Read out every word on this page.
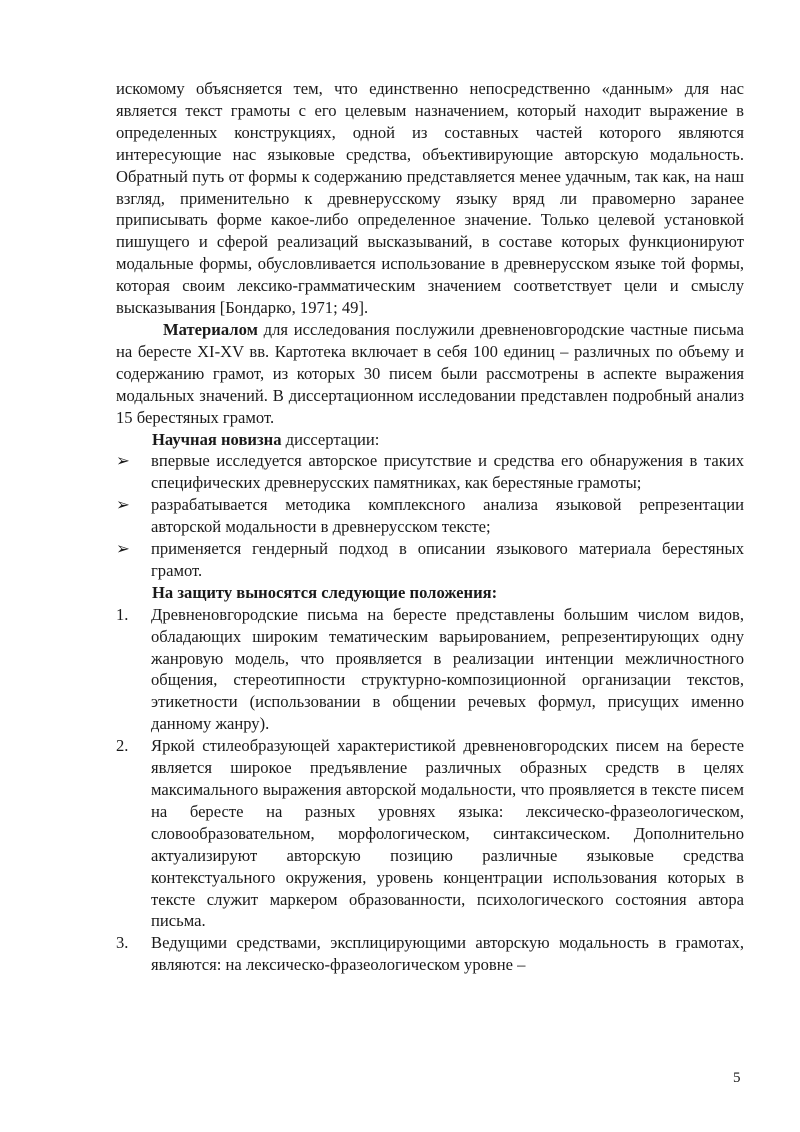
искомому объясняется тем, что единственно непосредственно «данным» для нас является текст грамоты с его целевым назначением, который находит выражение в определенных конструкциях, одной из составных частей которого являются интересующие нас языковые средства, объективирующие авторскую модальность. Обратный путь от формы к содержанию представляется менее удачным, так как, на наш взгляд, применительно к древнерусскому языку вряд ли правомерно заранее приписывать форме какое-либо определенное значение. Только целевой установкой пишущего и сферой реализаций высказываний, в составе которых функционируют модальные формы, обусловливается использование в древнерусском языке той формы, которая своим лексико-грамматическим значением соответствует цели и смыслу высказывания [Бондарко, 1971; 49].

Материалом для исследования послужили древненовгородские частные письма на бересте XI-XV вв. Картотека включает в себя 100 единиц – различных по объему и содержанию грамот, из которых 30 писем были рассмотрены в аспекте выражения модальных значений. В диссертационном исследовании представлен подробный анализ 15 берестяных грамот.

Научная новизна диссертации:

➢	впервые исследуется авторское присутствие и средства его обнаружения в таких специфических древнерусских памятниках, как берестяные грамоты;
➢	разрабатывается методика комплексного анализа языковой репрезентации авторской модальности в древнерусском тексте;
➢	применяется гендерный подход в описании языкового материала берестяных грамот.

На защиту выносятся следующие положения:

1.	Древненовгородские письма на бересте представлены большим числом видов, обладающих широким тематическим варьированием, репрезентирующих одну жанровую модель, что проявляется в реализации интенции межличностного общения, стереотипности структурно-композиционной организации текстов, этикетности (использовании в общении речевых формул, присущих именно данному жанру).
2.	Яркой стилеобразующей характеристикой древненовгородских писем на бересте является широкое предъявление различных образных средств в целях максимального выражения авторской модальности, что проявляется в тексте писем на бересте на разных уровнях языка: лексическо-фразеологическом, словообразовательном, морфологическом, синтаксическом. Дополнительно актуализируют авторскую позицию различные языковые средства контекстуального окружения, уровень концентрации использования которых в тексте служит маркером образованности, психологического состояния автора письма.
3.	Ведущими средствами, эксплицирующими авторскую модальность в грамотах, являются: на лексическо-фразеологическом уровне –
5
